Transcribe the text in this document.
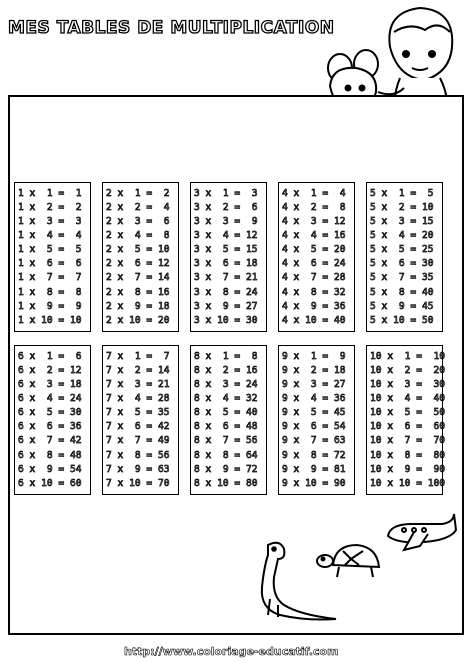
MES TABLES DE MULTIPLICATION
1 x  1 =  1
1 x  2 =  2
1 x  3 =  3
1 x  4 =  4
1 x  5 =  5
1 x  6 =  6
1 x  7 =  7
1 x  8 =  8
1 x  9 =  9
1 x 10 = 10
2 x  1 =  2
2 x  2 =  4
2 x  3 =  6
2 x  4 =  8
2 x  5 = 10
2 x  6 = 12
2 x  7 = 14
2 x  8 = 16
2 x  9 = 18
2 x 10 = 20
3 x  1 =  3
3 x  2 =  6
3 x  3 =  9
3 x  4 = 12
3 x  5 = 15
3 x  6 = 18
3 x  7 = 21
3 x  8 = 24
3 x  9 = 27
3 x 10 = 30
4 x  1 =  4
4 x  2 =  8
4 x  3 = 12
4 x  4 = 16
4 x  5 = 20
4 x  6 = 24
4 x  7 = 28
4 x  8 = 32
4 x  9 = 36
4 x 10 = 40
5 x  1 =  5
5 x  2 = 10
5 x  3 = 15
5 x  4 = 20
5 x  5 = 25
5 x  6 = 30
5 x  7 = 35
5 x  8 = 40
5 x  9 = 45
5 x 10 = 50
6 x  1 =  6
6 x  2 = 12
6 x  3 = 18
6 x  4 = 24
6 x  5 = 30
6 x  6 = 36
6 x  7 = 42
6 x  8 = 48
6 x  9 = 54
6 x 10 = 60
7 x  1 =  7
7 x  2 = 14
7 x  3 = 21
7 x  4 = 28
7 x  5 = 35
7 x  6 = 42
7 x  7 = 49
7 x  8 = 56
7 x  9 = 63
7 x 10 = 70
8 x  1 =  8
8 x  2 = 16
8 x  3 = 24
8 x  4 = 32
8 x  5 = 40
8 x  6 = 48
8 x  7 = 56
8 x  8 = 64
8 x  9 = 72
8 x 10 = 80
9 x  1 =  9
9 x  2 = 18
9 x  3 = 27
9 x  4 = 36
9 x  5 = 45
9 x  6 = 54
9 x  7 = 63
9 x  8 = 72
9 x  9 = 81
9 x 10 = 90
10 x  1 =  10
10 x  2 =  20
10 x  3 =  30
10 x  4 =  40
10 x  5 =  50
10 x  6 =  60
10 x  7 =  70
10 x  8 =  80
10 x  9 =  90
10 x 10 = 100
http://www.coloriage-educatif.com
